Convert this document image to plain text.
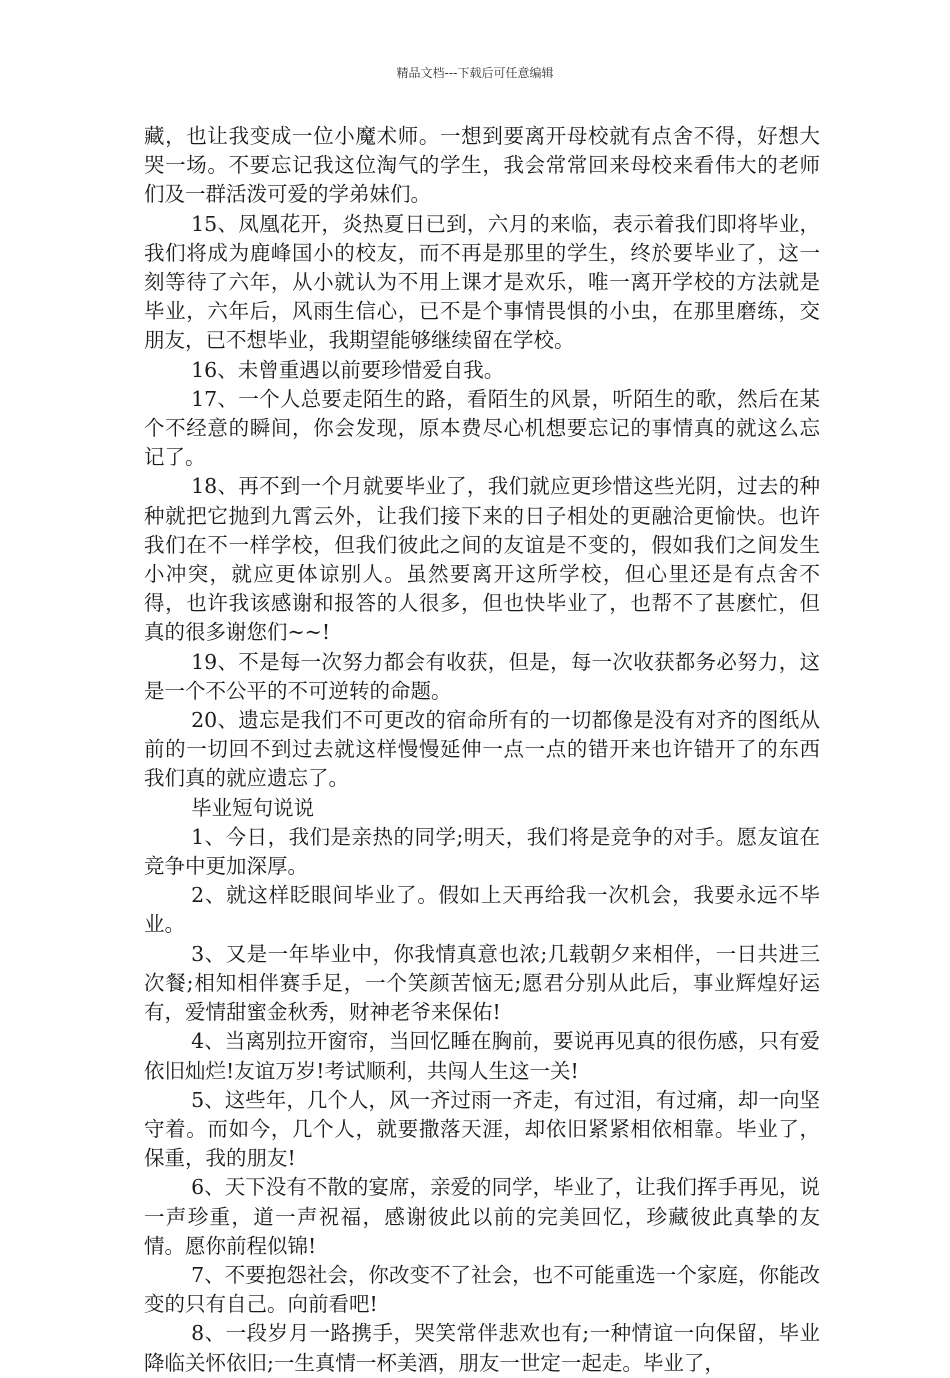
精品文档---下载后可任意编辑

藏，也让我变成一位小魔术师。一想到要离开母校就有点舍不得，好想大哭一场。不要忘记我这位淘气的学生，我会常常回来母校来看伟大的老师们及一群活泼可爱的学弟妹们。

15、凤凰花开，炎热夏日已到，六月的来临，表示着我们即将毕业，我们将成为鹿峰国小的校友，而不再是那里的学生，终於要毕业了，这一刻等待了六年，从小就认为不用上课才是欢乐，唯一离开学校的方法就是毕业，六年后，风雨生信心，已不是个事情畏惧的小虫，在那里磨练，交朋友，已不想毕业，我期望能够继续留在学校。

16、未曾重遇以前要珍惜爱自我。

17、一个人总要走陌生的路，看陌生的风景，听陌生的歌，然后在某个不经意的瞬间，你会发现，原本费尽心机想要忘记的事情真的就这么忘记了。

18、再不到一个月就要毕业了，我们就应更珍惜这些光阴，过去的种种就把它抛到九霄云外，让我们接下来的日子相处的更融洽更愉快。也许我们在不一样学校，但我们彼此之间的友谊是不变的，假如我们之间发生小冲突，就应更体谅别人。虽然要离开这所学校，但心里还是有点舍不得，也许我该感谢和报答的人很多，但也快毕业了，也帮不了甚麽忙，但真的很多谢您们~~!

19、不是每一次努力都会有收获，但是，每一次收获都务必努力，这是一个不公平的不可逆转的命题。

20、遗忘是我们不可更改的宿命所有的一切都像是没有对齐的图纸从前的一切回不到过去就这样慢慢延伸一点一点的错开来也许错开了的东西我们真的就应遗忘了。

毕业短句说说

1、今日，我们是亲热的同学;明天，我们将是竞争的对手。愿友谊在竞争中更加深厚。

2、就这样眨眼间毕业了。假如上天再给我一次机会，我要永远不毕业。

3、又是一年毕业中，你我情真意也浓;几载朝夕来相伴，一日共进三次餐;相知相伴赛手足，一个笑颜苦恼无;愿君分别从此后，事业辉煌好运有，爱情甜蜜金秋秀，财神老爷来保佑!

4、当离别拉开窗帘，当回忆睡在胸前，要说再见真的很伤感，只有爱依旧灿烂!友谊万岁!考试顺利，共闯人生这一关!

5、这些年，几个人，风一齐过雨一齐走，有过泪，有过痛，却一向坚守着。而如今，几个人，就要撒落天涯，却依旧紧紧相依相靠。毕业了，保重，我的朋友!

6、天下没有不散的宴席，亲爱的同学，毕业了，让我们挥手再见，说一声珍重，道一声祝福，感谢彼此以前的完美回忆，珍藏彼此真挚的友情。愿你前程似锦!

7、不要抱怨社会，你改变不了社会，也不可能重选一个家庭，你能改变的只有自己。向前看吧!

8、一段岁月一路携手，哭笑常伴悲欢也有;一种情谊一向保留，毕业降临关怀依旧;一生真情一杯美酒，朋友一世定一起走。毕业了，
